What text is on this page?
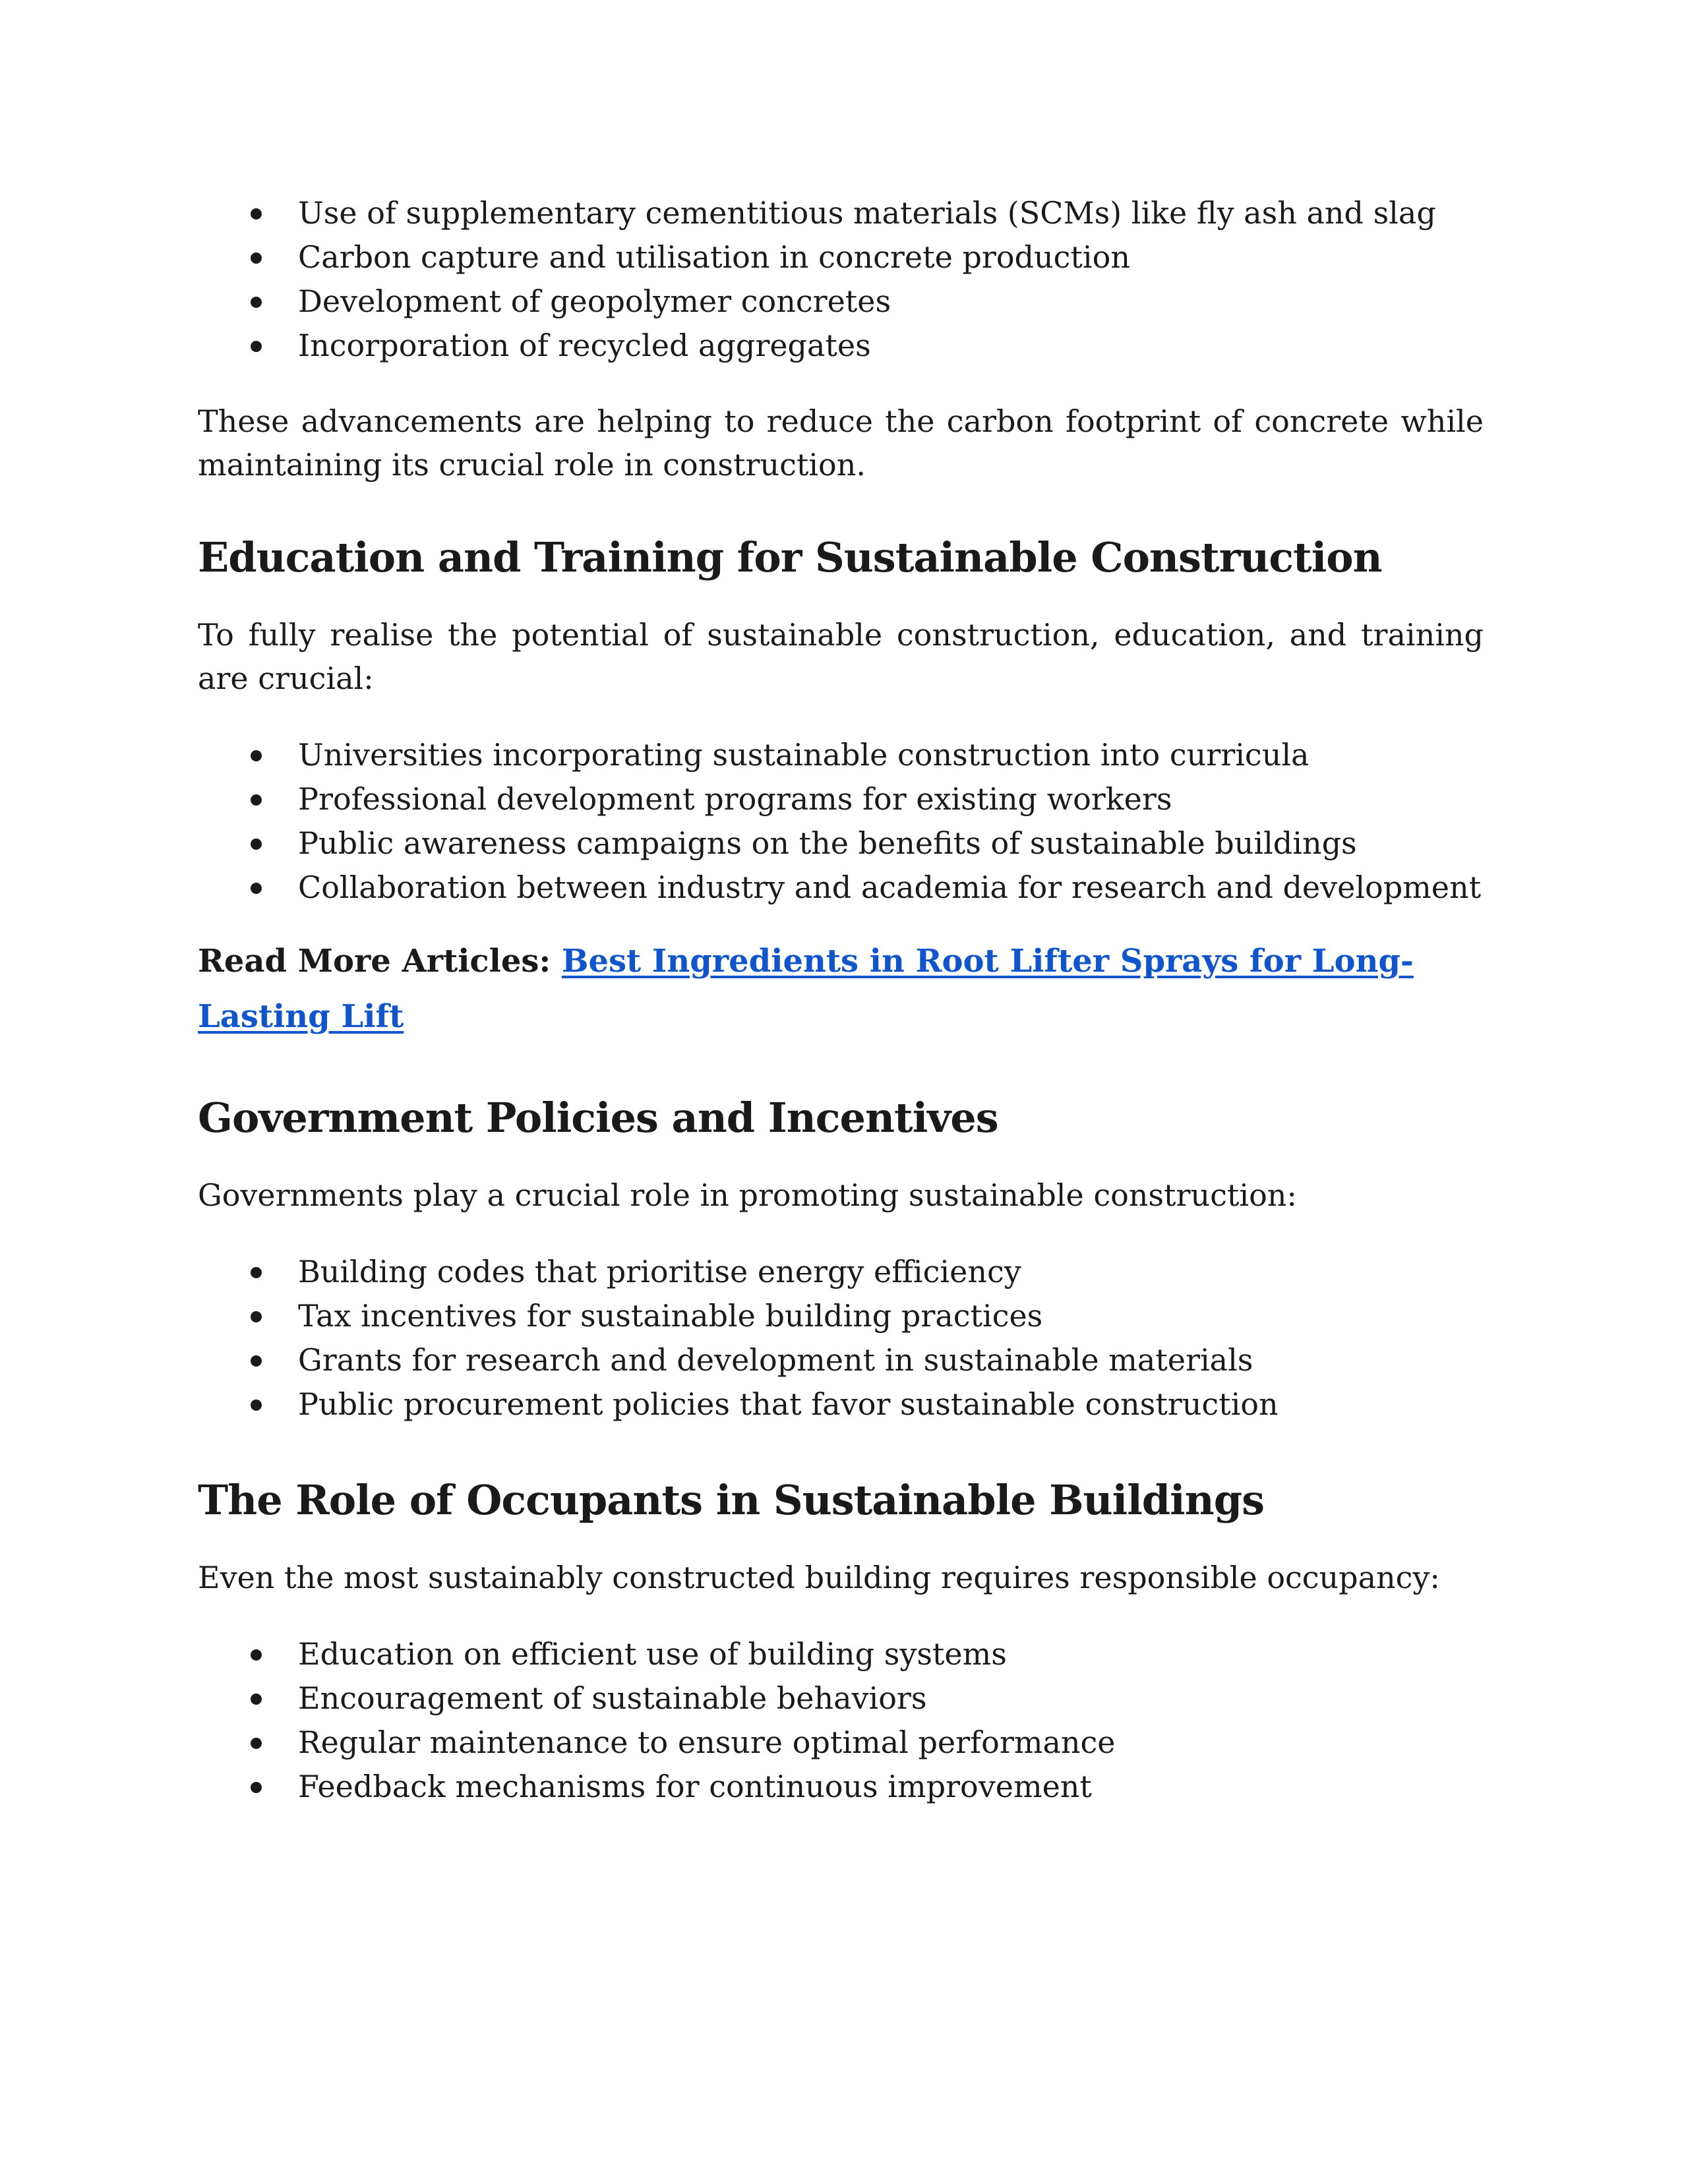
Use of supplementary cementitious materials (SCMs) like fly ash and slag
Carbon capture and utilisation in concrete production
Development of geopolymer concretes
Incorporation of recycled aggregates

These advancements are helping to reduce the carbon footprint of concrete while maintaining its crucial role in construction.

Education and Training for Sustainable Construction

To fully realise the potential of sustainable construction, education, and training are crucial:

Universities incorporating sustainable construction into curricula
Professional development programs for existing workers
Public awareness campaigns on the benefits of sustainable buildings
Collaboration between industry and academia for research and development

Read More Articles: Best Ingredients in Root Lifter Sprays for Long-Lasting Lift

Government Policies and Incentives

Governments play a crucial role in promoting sustainable construction:

Building codes that prioritise energy efficiency
Tax incentives for sustainable building practices
Grants for research and development in sustainable materials
Public procurement policies that favor sustainable construction
The Role of Occupants in Sustainable Buildings

Even the most sustainably constructed building requires responsible occupancy:

Education on efficient use of building systems
Encouragement of sustainable behaviors
Regular maintenance to ensure optimal performance
Feedback mechanisms for continuous improvement
